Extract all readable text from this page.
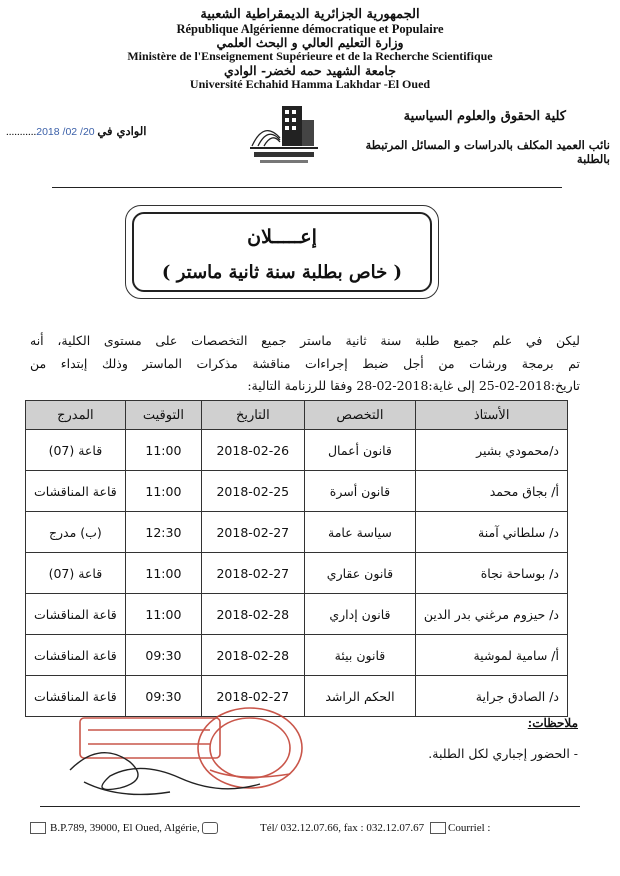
الجمهورية الجزائرية الديمقراطية الشعبية
République Algérienne démocratique et Populaire
وزارة التعليم العالي و البحث العلمي
Ministère de l'Enseignement Supérieure et de la Recherche Scientifique
جامعة الشهيد حمه لخضر- الوادي
Université Echahid Hamma Lakhdar -El Oued
كلية الحقوق والعلوم السياسية
نائب العميد المكلف بالدراسات و المسائل المرتبطة بالطلبة
...........2018 /02 /20 الوادي في
إعـــــلان
( خاص بطلبة سنة ثانية ماستر )
ليكن في علم جميع طلبة سنة ثانية ماستر جميع التخصصات على مستوى الكلية، أنه
تم برمجة ورشات من أجل ضبط إجراءات مناقشة مذكرات الماستر وذلك إبتداء من
تاريخ:2018-02-25 إلى غاية:2018-02-28 وفقا للرزنامة التالية:
الأستاذ	التخصص	التاريخ	التوقيت	المدرج
د/محمودي بشير	قانون أعمال	2018-02-26	11:00	قاعة (07)
أ/ بجاق محمد	قانون أسرة	2018-02-25	11:00	قاعة المناقشات
د/ سلطاني آمنة	سياسة عامة	2018-02-27	12:30	(ب) مدرج
د/ بوساحة نجاة	قانون عقاري	2018-02-27	11:00	قاعة (07)
د/ حيزوم مرغني بدر الدين	قانون إداري	2018-02-28	11:00	قاعة المناقشات
أ/ سامية لموشية	قانون بيئة	2018-02-28	09:30	قاعة المناقشات
د/ الصادق جراية	الحكم الراشد	2018-02-27	09:30	قاعة المناقشات
ملاحظات:
- الحضور إجباري لكل الطلبة.
B.P.789, 39000, El Oued, Algérie,	Tél/ 032.12.07.66, fax : 032.12.07.67 Courriel :
